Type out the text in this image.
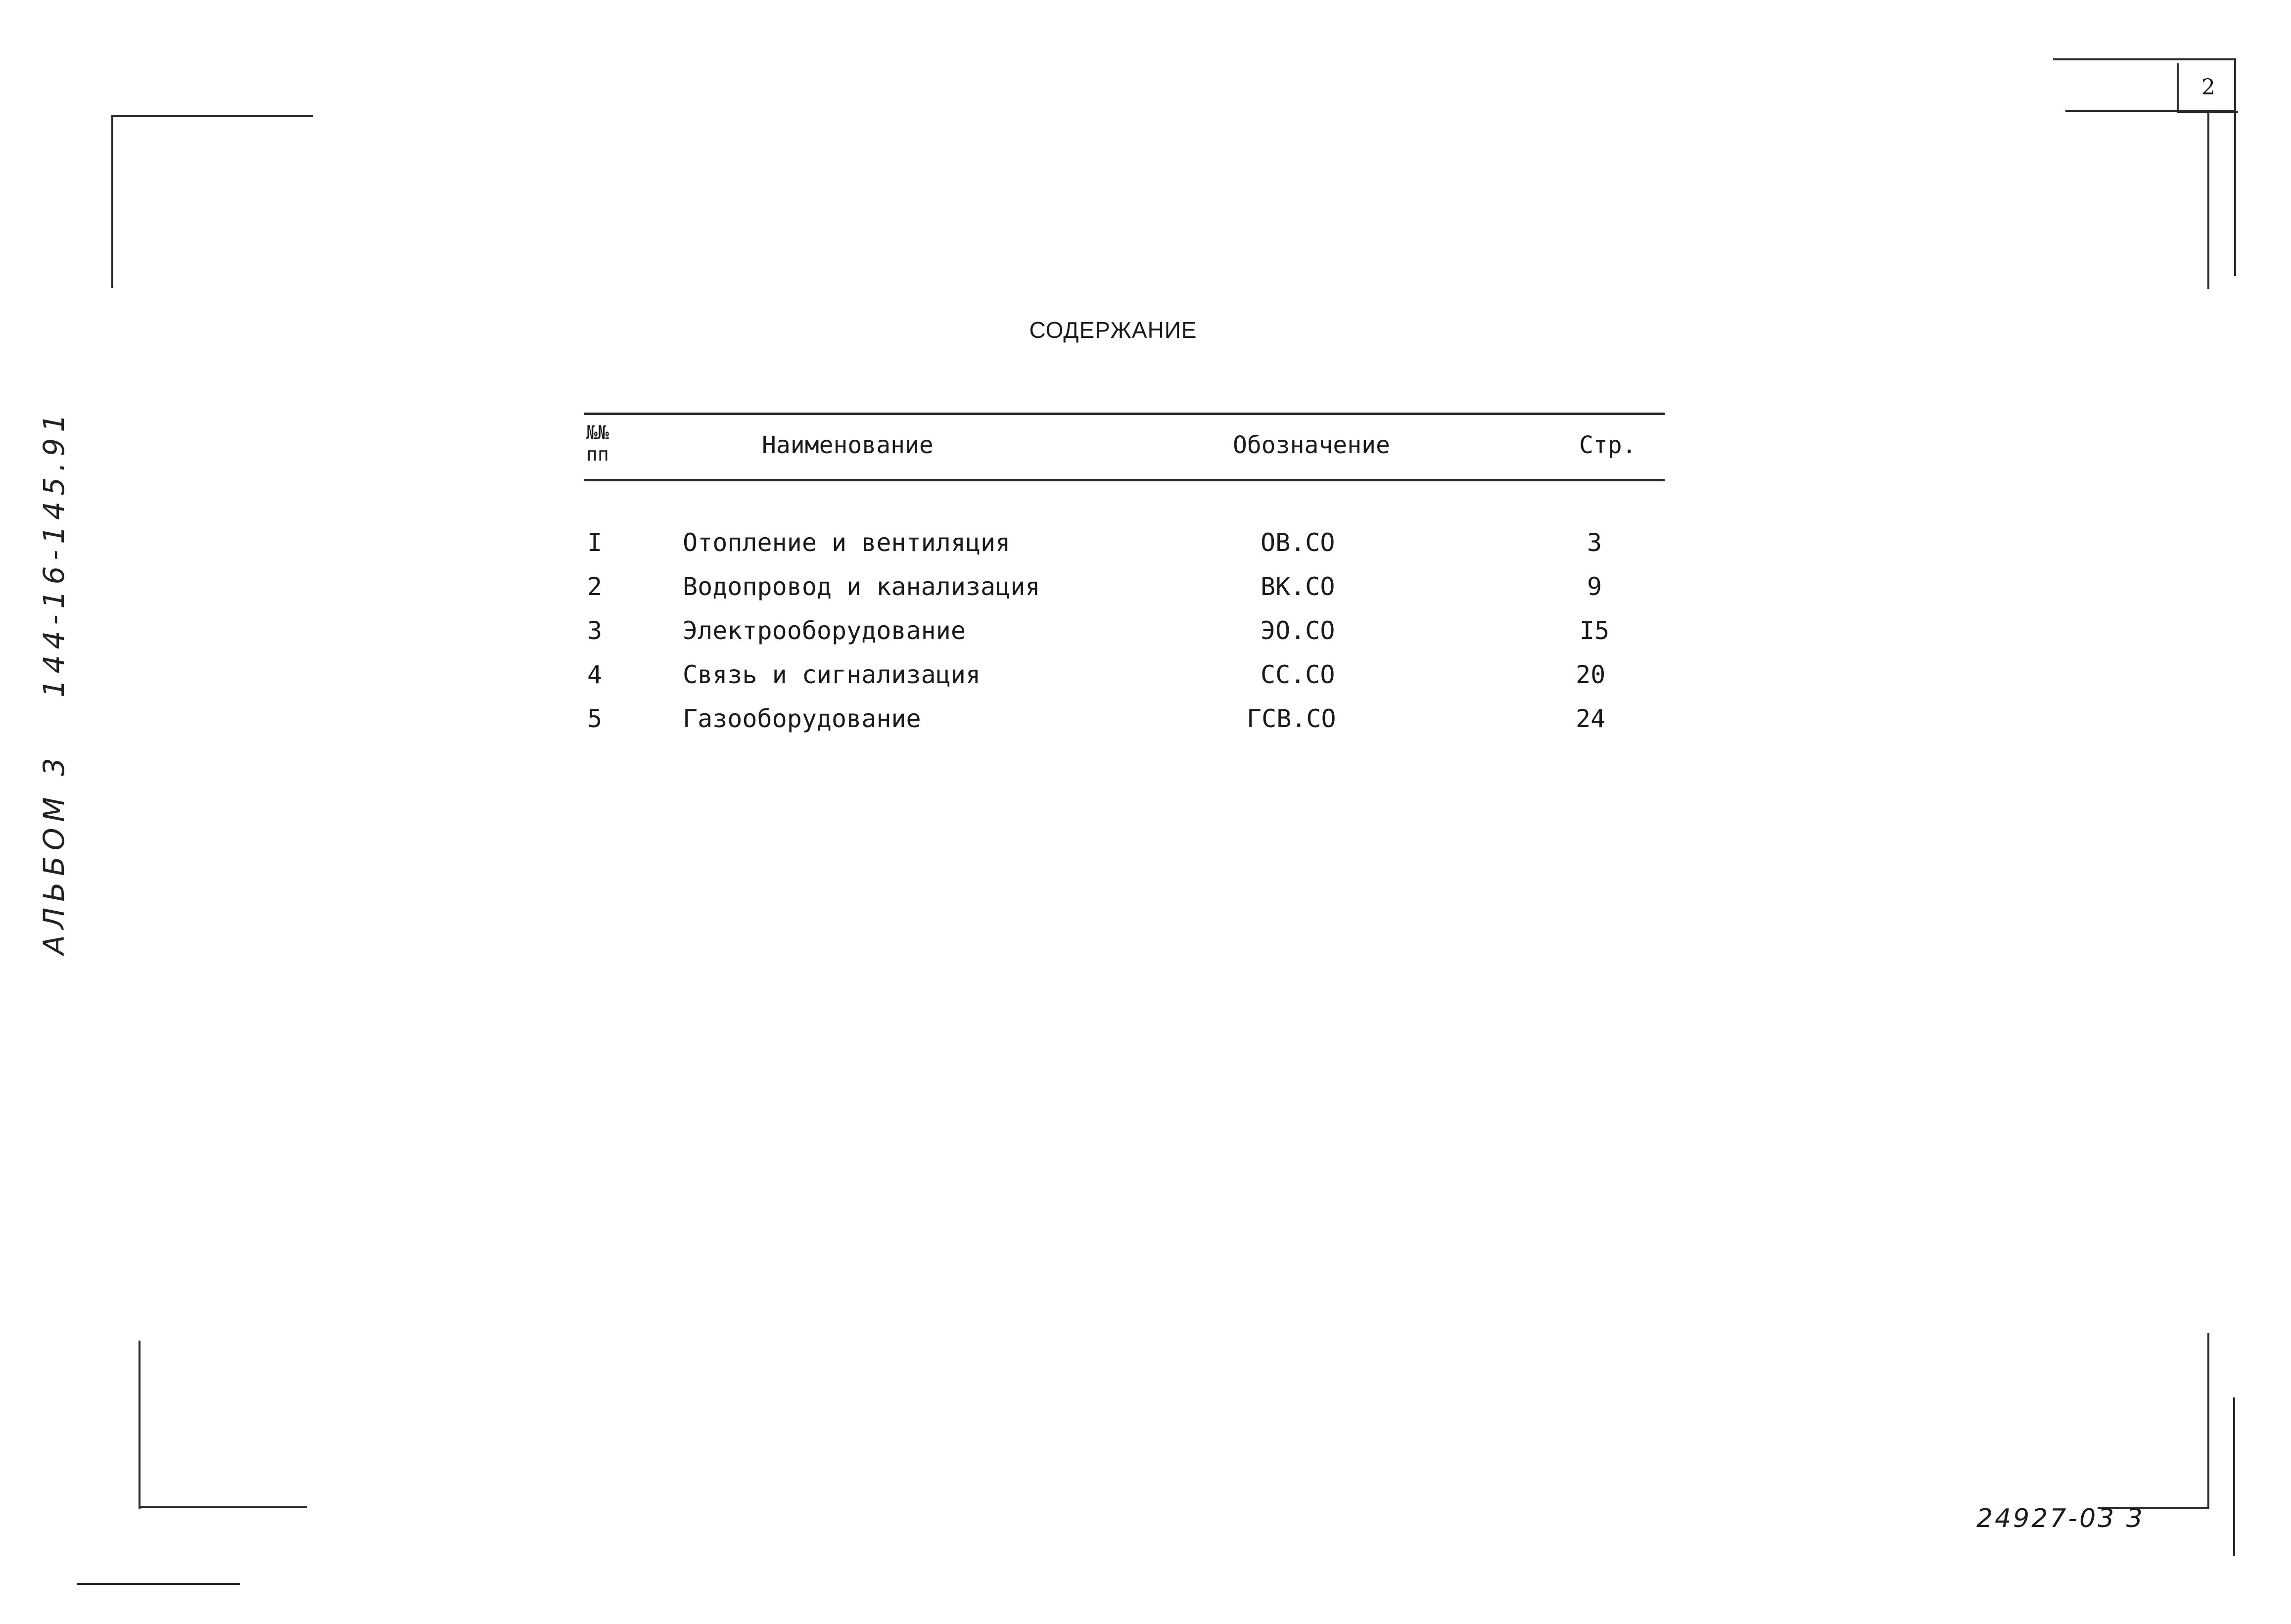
2
АЛЬБОМ 3144-16-145.91
СОДЕРЖАНИЕ
№№ пп	Наименование	Обозначение	Стр.
I	Отопление и вентиляция	ОВ.СО	3
2	Водопровод и канализация	ВК.СО	9
3	Электрооборудование	ЭО.СО	I5
4	Связь и сигнализация	СС.СО	20
5	Газооборудование	ГСВ.СО	24
24927-03 3
